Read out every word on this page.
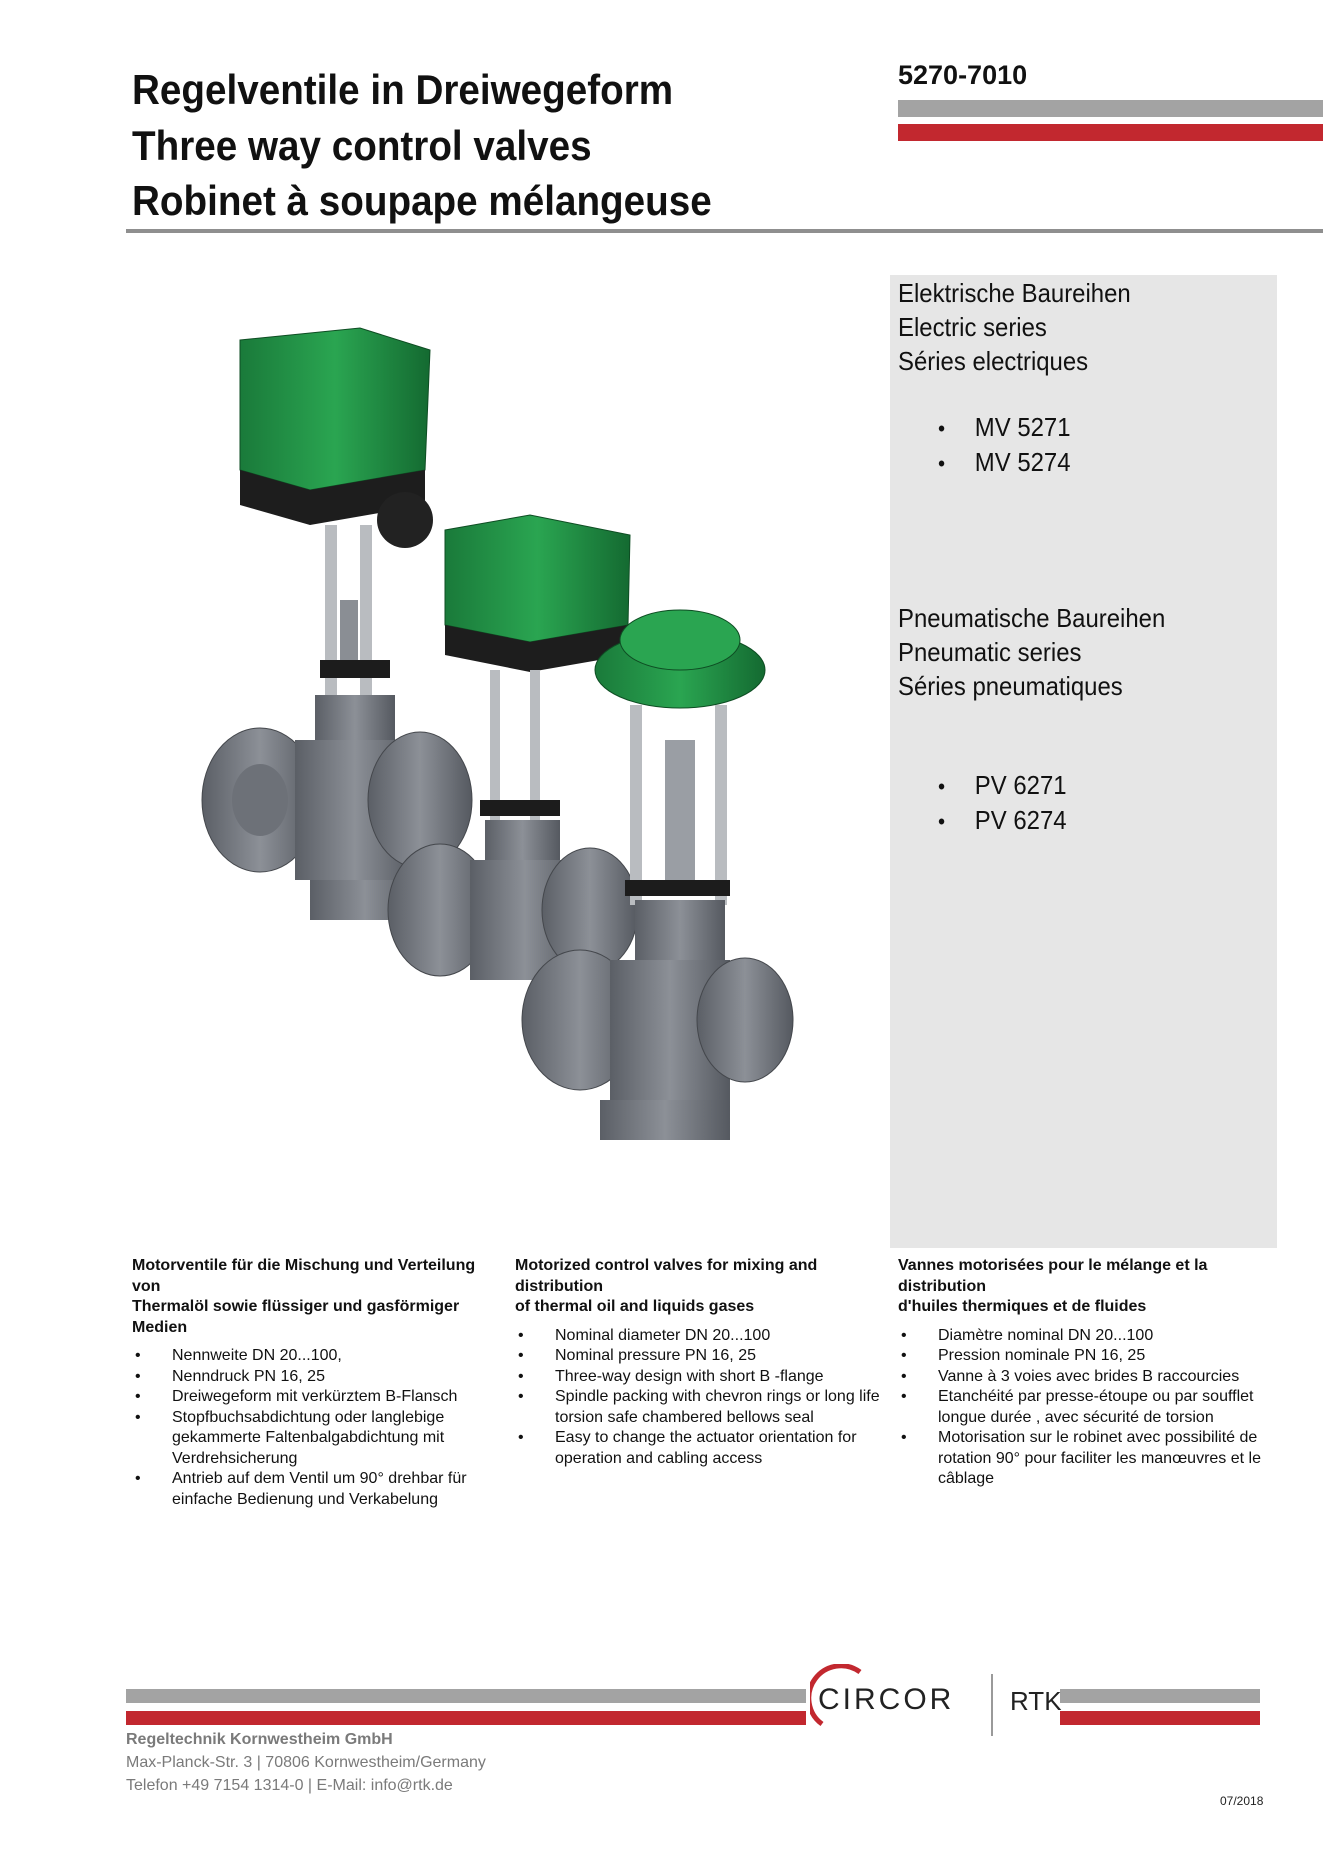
Regelventile in Dreiwegeform
Three way control valves
Robinet à soupape mélangeuse
5270-7010
Elektrische Baureihen
Electric series
Séries electriques
• MV 5271
• MV 5274
Pneumatische Baureihen
Pneumatic series
Séries pneumatiques
• PV 6271
• PV 6274
Motorventile für die Mischung und Verteilung von
Thermalöl sowie flüssiger und gasförmiger Medien
• Nennweite DN 20...100,
• Nenndruck PN 16, 25
• Dreiwegeform mit verkürztem B-Flansch
• Stopfbuchsabdichtung oder langlebige
gekammerte Faltenbalgabdichtung mit
Verdrehsicherung
• Antrieb auf dem Ventil um 90° drehbar für
einfache Bedienung und Verkabelung
Motorized control valves for mixing and distribution
of thermal oil and liquids gases
• Nominal diameter DN 20...100
• Nominal pressure PN 16, 25
• Three-way design with short B -flange
• Spindle packing with chevron rings or long life
torsion safe chambered bellows seal
• Easy to change the actuator orientation for
operation and cabling access
Vannes motorisées pour le mélange et la distribution
d'huiles thermiques et de fluides
• Diamètre nominal DN 20...100
• Pression nominale PN 16, 25
• Vanne à 3 voies avec brides B raccourcies
• Etanchéité par presse-étoupe ou par soufflet
longue durée , avec sécurité de torsion
• Motorisation sur le robinet avec possibilité de
rotation 90° pour faciliter les manœuvres et le
câblage
CIRCOR RTK
Regeltechnik Kornwestheim GmbH
Max-Planck-Str. 3 | 70806 Kornwestheim/Germany
Telefon +49 7154 1314-0 | E-Mail: info@rtk.de
07/2018
